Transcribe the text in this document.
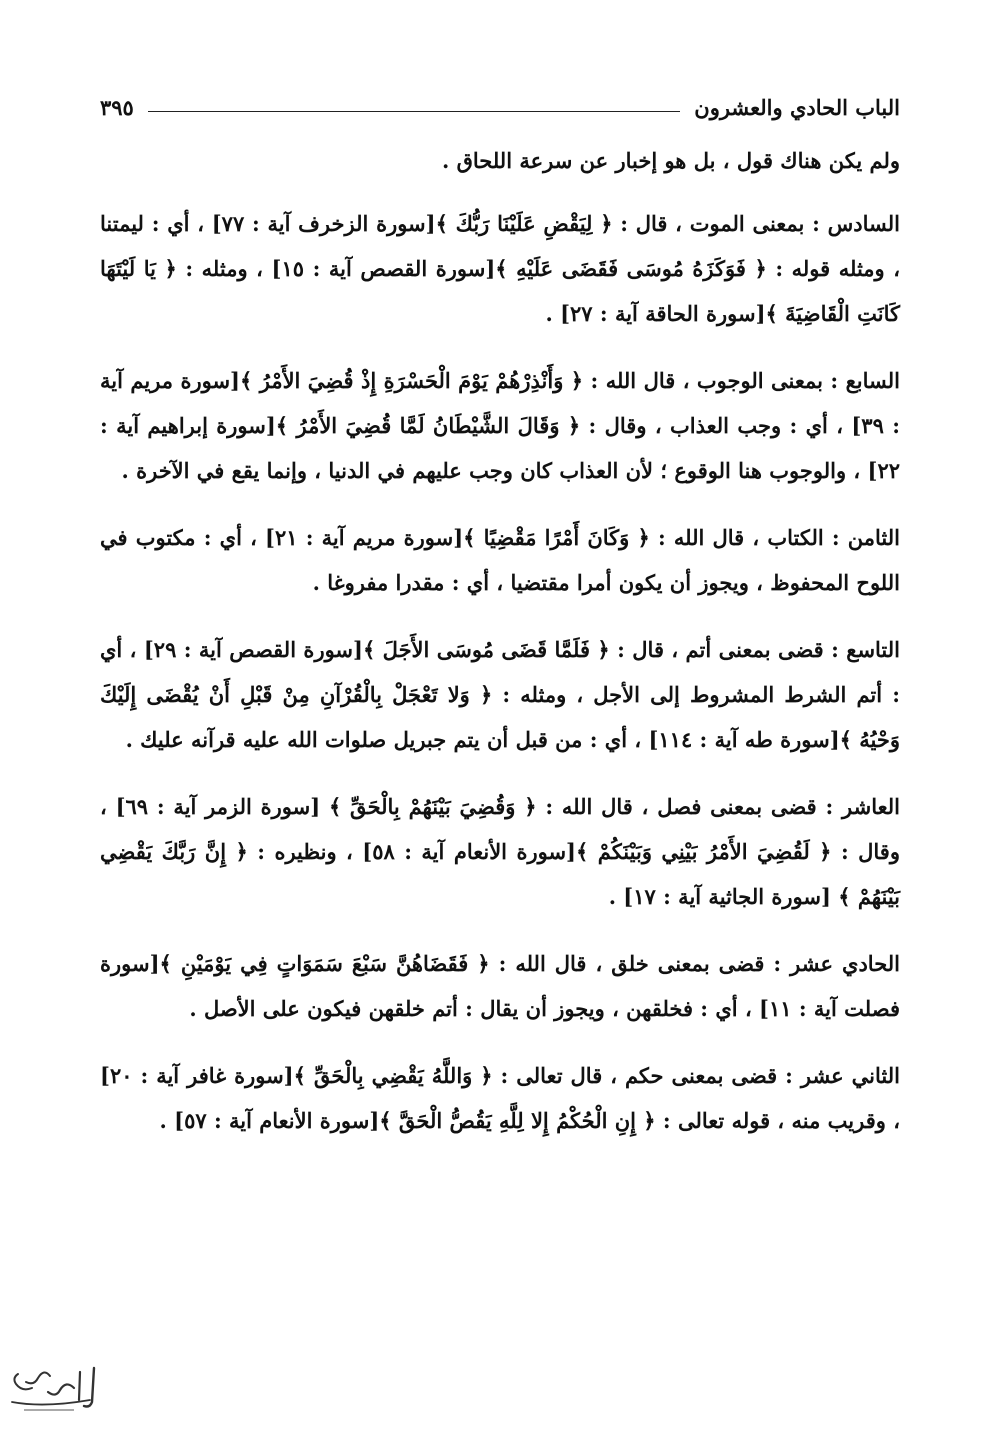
الباب الحادي والعشرون
٣٩٥

ولم يكن هناك قول ، بل هو إخبار عن سرعة اللحاق .

السادس : بمعنى الموت ، قال : ﴿ لِيَقْضِ عَلَيْنَا رَبُّكَ ﴾[سورة الزخرف آية : ٧٧] ، أي : ليمتنا ، ومثله قوله : ﴿ فَوَكَزَهُ مُوسَى فَقَضَى عَلَيْهِ ﴾[سورة القصص آية : ١٥] ، ومثله : ﴿ يَا لَيْتَهَا كَانَتِ الْقَاضِيَةَ ﴾[سورة الحاقة آية : ٢٧] .

السابع : بمعنى الوجوب ، قال الله : ﴿ وَأَنْذِرْهُمْ يَوْمَ الْحَسْرَةِ إِذْ قُضِيَ الأَمْرُ ﴾[سورة مريم آية : ٣٩] ، أي : وجب العذاب ، وقال : ﴿ وَقَالَ الشَّيْطَانُ لَمَّا قُضِيَ الأَمْرُ ﴾[سورة إبراهيم آية : ٢٢] ، والوجوب هنا الوقوع ؛ لأن العذاب كان وجب عليهم في الدنيا ، وإنما يقع في الآخرة .

الثامن : الكتاب ، قال الله : ﴿ وَكَانَ أَمْرًا مَقْضِيًا ﴾[سورة مريم آية : ٢١] ، أي : مكتوب في اللوح المحفوظ ، ويجوز أن يكون أمرا مقتضيا ، أي : مقدرا مفروغا .

التاسع : قضى بمعنى أتم ، قال : ﴿ فَلَمَّا قَضَى مُوسَى الأَجَلَ ﴾[سورة القصص آية : ٢٩] ، أي : أتم الشرط المشروط إلى الأجل ، ومثله : ﴿ وَلا تَعْجَلْ بِالْقُرْآنِ مِنْ قَبْلِ أَنْ يُقْضَى إِلَيْكَ وَحْيُهُ ﴾[سورة طه آية : ١١٤] ، أي : من قبل أن يتم جبريل صلوات الله عليه قرآنه عليك .

العاشر : قضى بمعنى فصل ، قال الله : ﴿ وَقُضِيَ بَيْنَهُمْ بِالْحَقِّ ﴾ [سورة الزمر آية : ٦٩] ، وقال : ﴿ لَقُضِيَ الأَمْرُ بَيْنِي وَبَيْنَكُمْ ﴾[سورة الأنعام آية : ٥٨] ، ونظيره : ﴿ إِنَّ رَبَّكَ يَقْضِي بَيْنَهُمْ ﴾ [سورة الجاثية آية : ١٧] .

الحادي عشر : قضى بمعنى خلق ، قال الله : ﴿ فَقَضَاهُنَّ سَبْعَ سَمَوَاتٍ فِي يَوْمَيْنِ ﴾[سورة فصلت آية : ١١] ، أي : فخلقهن ، ويجوز أن يقال : أتم خلقهن فيكون على الأصل .

الثاني عشر : قضى بمعنى حكم ، قال تعالى : ﴿ وَاللَّهُ يَقْضِي بِالْحَقِّ ﴾[سورة غافر آية : ٢٠] ، وقريب منه ، قوله تعالى : ﴿ إِنِ الْحُكْمُ إِلا لِلَّهِ يَقُصُّ الْحَقَّ ﴾[سورة الأنعام آية : ٥٧] .
